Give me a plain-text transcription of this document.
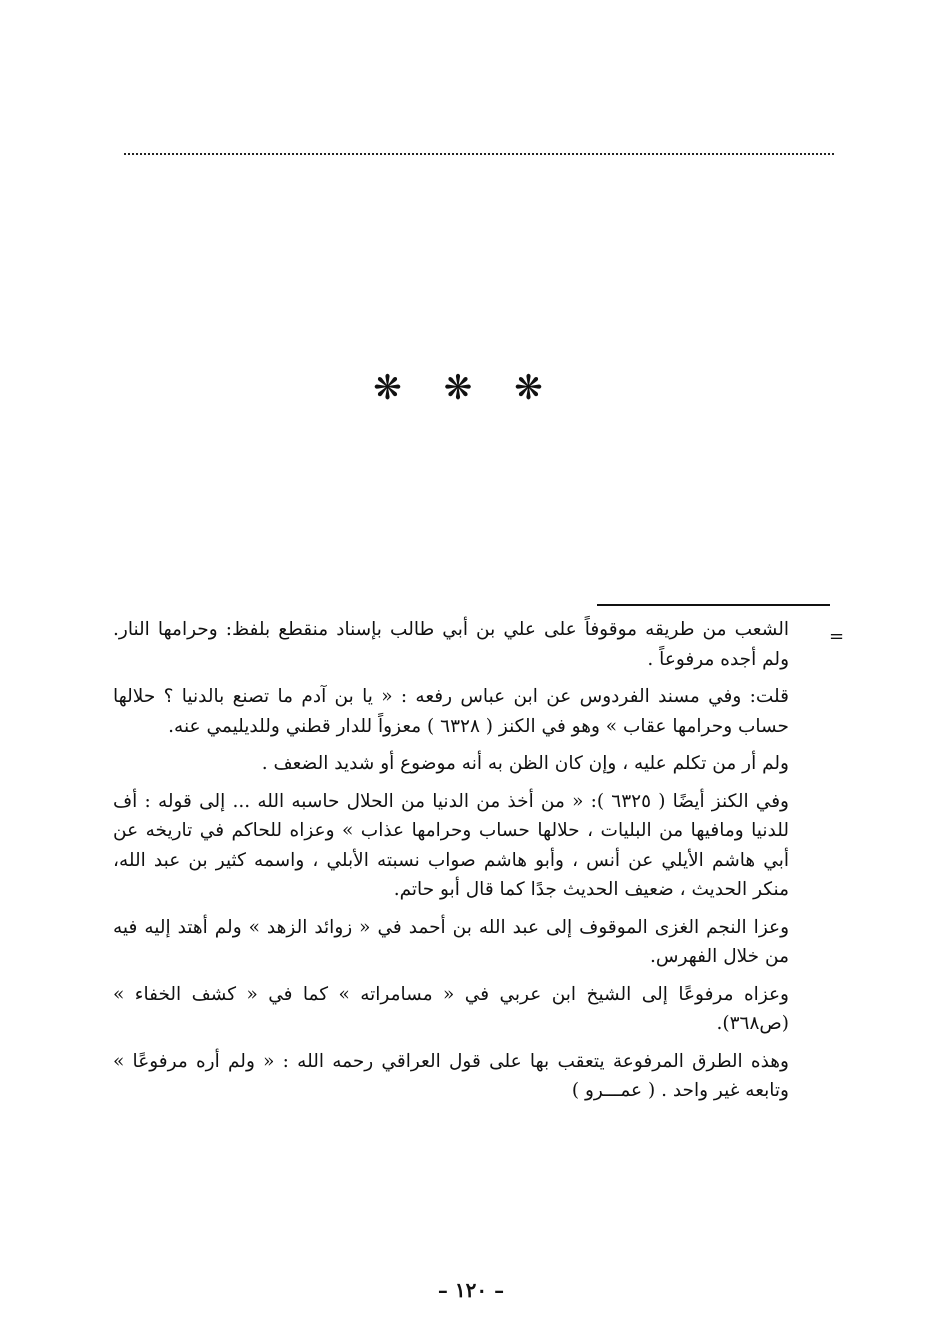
❋ ❋ ❋
=

الشعب من طريقه موقوفاً على علي بن أبي طالب بإسناد منقطع بلفظ: وحرامها النار. ولم أجده مرفوعاً .

قلت: وفي مسند الفردوس عن ابن عباس رفعه : « يا بن آدم ما تصنع بالدنيا ؟ حلالها حساب وحرامها عقاب » وهو في الكنز ( ٦٣٢٨ ) معزواً للدار قطني وللديليمي عنه.

ولم أر من تكلم عليه ، وإن كان الظن به أنه موضوع أو شديد الضعف .

وفي الكنز أيضًا ( ٦٣٢٥ ): « من أخذ من الدنيا من الحلال حاسبه الله ... إلى قوله : أف للدنيا ومافيها من البليات ، حلالها حساب وحرامها عذاب » وعزاه للحاكم في تاريخه عن أبي هاشم الأيلي عن أنس ، وأبو هاشم صواب نسبته الأبلي ، واسمه كثير بن عبد الله، منكر الحديث ، ضعيف الحديث جدًا كما قال أبو حاتم.

وعزا النجم الغزى الموقوف إلى عبد الله بن أحمد في « زوائد الزهد » ولم أهتد إليه فيه من خلال الفهرس.

وعزاه مرفوعًا إلى الشيخ ابن عربي في « مسامراته » كما في « كشف الخفاء » (ص٣٦٨).

وهذه الطرق المرفوعة يتعقب بها على قول العراقي رحمه الله : « ولم أره مرفوعًا » وتابعه غير واحد . ( عمـــرو )

– ١٢٠ –
